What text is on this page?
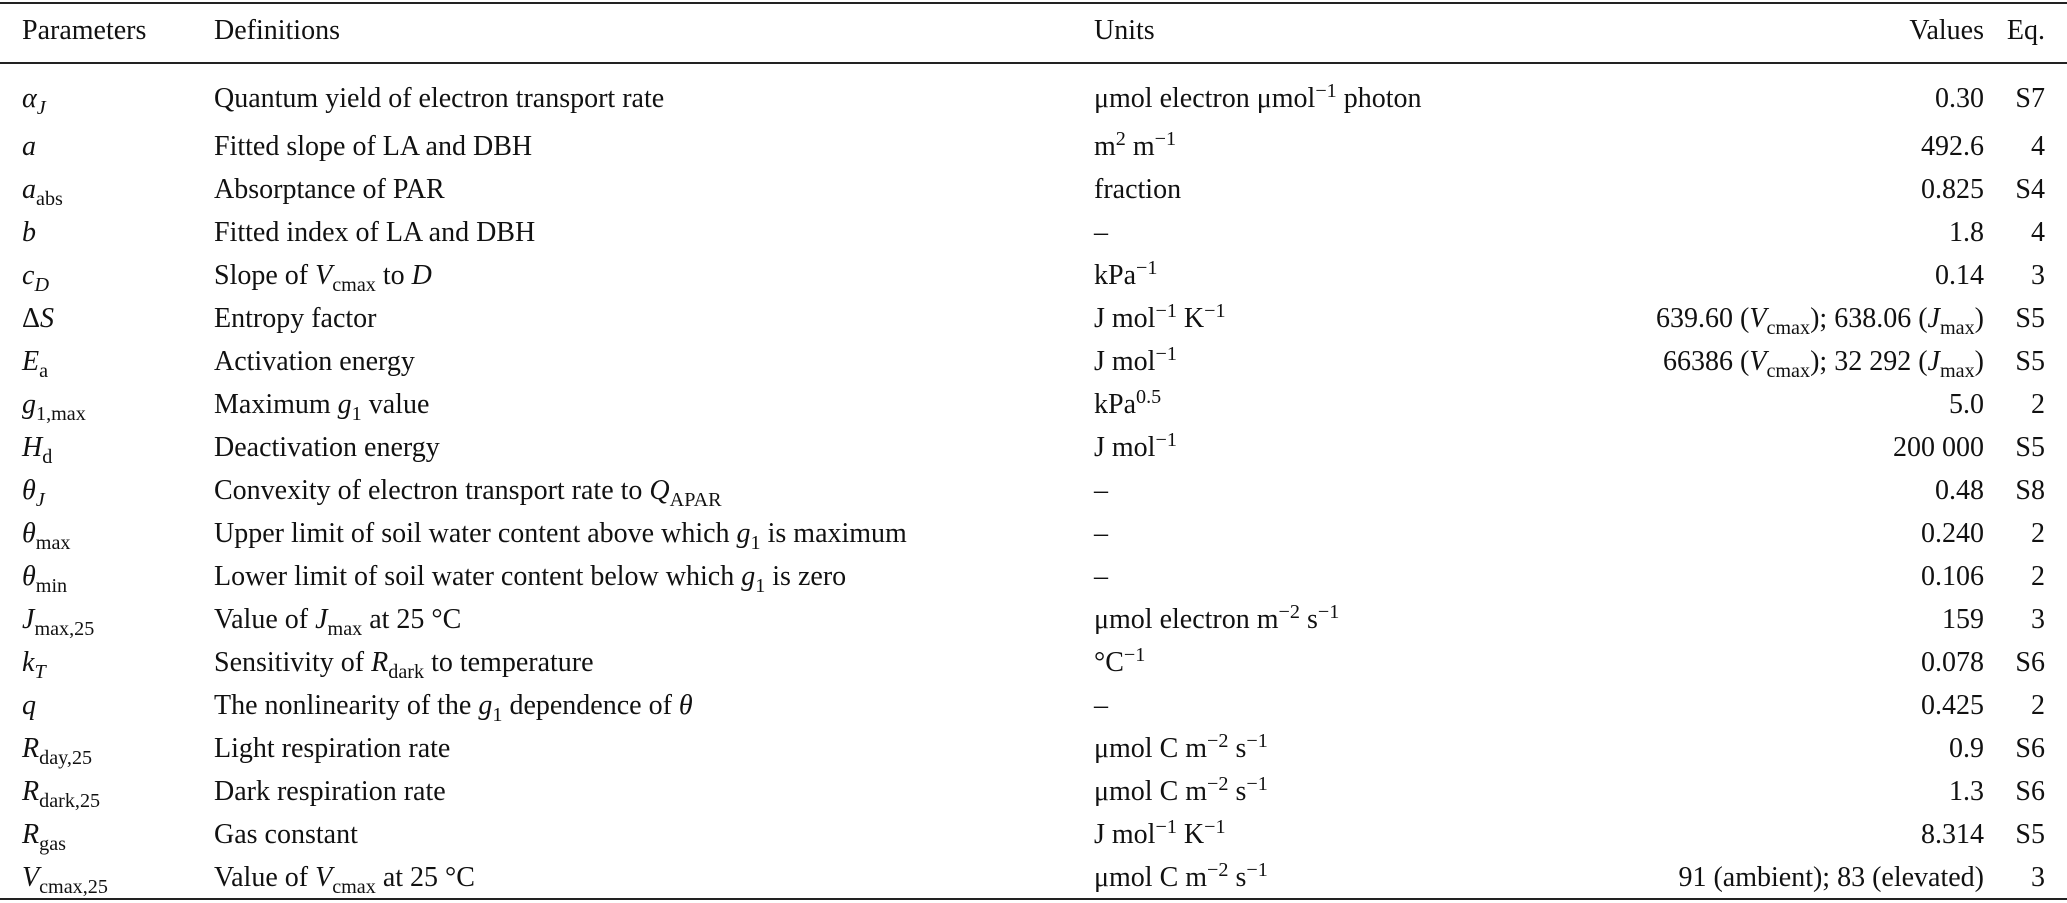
Parameters	Definitions	Units	Values	Eq.
$\alpha_J$	Quantum yield of electron transport rate	μmol electron μmol$^{-1}$ photon	0.30	S7
a	Fitted slope of LA and DBH	$m^2$ $m^{-1}$	492.6	4
$a_{abs}$	Absorptance of PAR	fraction	0.825	S4
b	Fitted index of LA and DBH	–	1.8	4
$c_D$	Slope of $V_{cmax}$ to D	kPa$^{-1}$	0.14	3
ΔS	Entropy factor	J mol$^{-1}$ $K^{-1}$	639.60 $(V_{cmax})$; 638.06 $(J_{max})$	S5
$E_a$	Activation energy	J mol$^{-1}$	66386 $(V_{cmax})$; 32 292 $(J_{max})$	S5
$g_{1,max}$	Maximum $g_1$ value	kPa$^{0.5}$	5.0	2
$H_d$	Deactivation energy	J mol$^{-1}$	200 000	S5
$\theta_J$	Convexity of electron transport rate to $Q_{APAR}$	–	0.48	S8
$\theta_{max}$	Upper limit of soil water content above which $g_1$ is maximum	–	0.240	2
$\theta_{min}$	Lower limit of soil water content below which $g_1$ is zero	–	0.106	2
$J_{max,25}$	Value of $J_{max}$ at 25 °C	μmol electron $m^{-2}$ $s^{-1}$	159	3
$k_T$	Sensitivity of $R_{dark}$ to temperature	$^\circ C^{-1}$	0.078	S6
q	The nonlinearity of the $g_1$ dependence of θ	–	0.425	2
$R_{day,25}$	Light respiration rate	μmol C $m^{-2}$ $s^{-1}$	0.9	S6
$R_{dark,25}$	Dark respiration rate	μmol C $m^{-2}$ $s^{-1}$	1.3	S6
$R_{gas}$	Gas constant	J mol$^{-1}$ $K^{-1}$	8.314	S5
$V_{cmax,25}$	Value of $V_{cmax}$ at 25 °C	μmol C $m^{-2}$ $s^{-1}$	91 (ambient); 83 (elevated)	3
